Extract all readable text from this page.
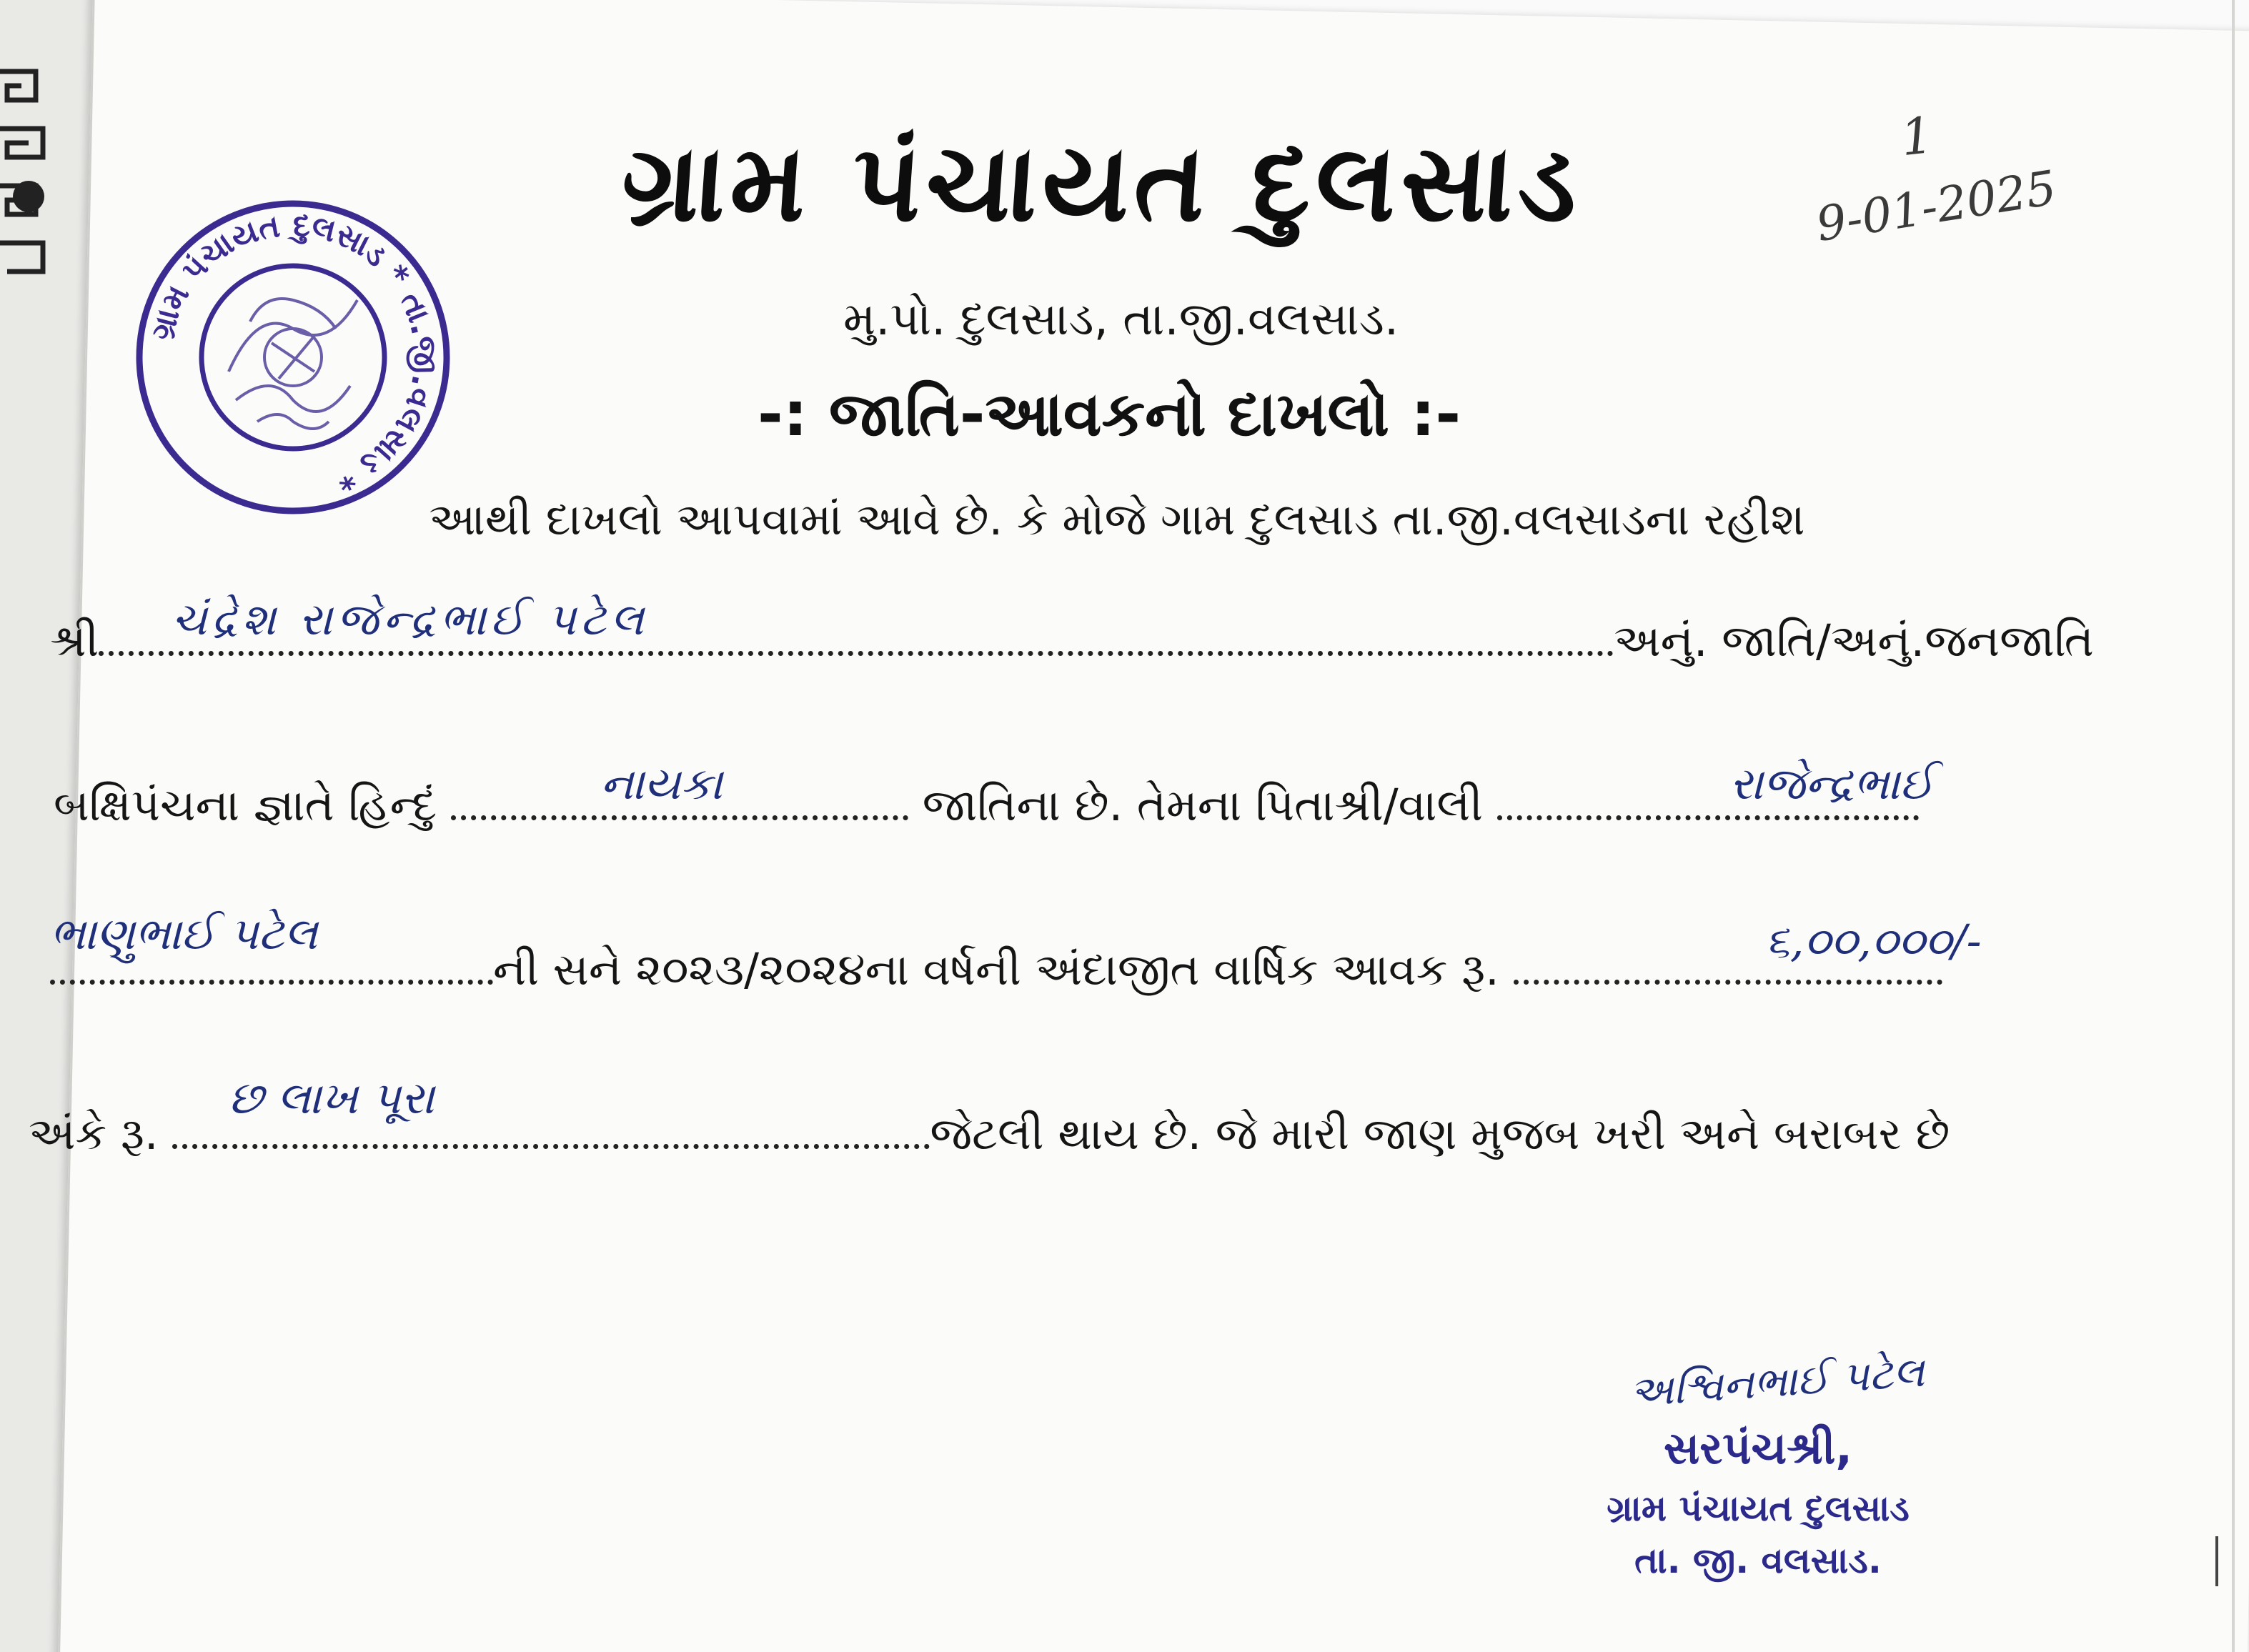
ગ્રામ પંચાયત દુલસાડ * તા.જી.વલસાડ *
ગ્રામ પંચાયત દુલસાડ
મુ.પો. દુલસાડ, તા.જી.વલસાડ.
-: જાતિ-આવકનો દાખલો :-
1
9-01-2025
આથી દાખલો આપવામાં આવે છે. કે મોજે ગામ દુલસાડ તા.જી.વલસાડના રહીશ
શ્રી	અનું. જાતિ/અનું.જનજાતિ
ચંદ્રેશ રાજેન્દ્રભાઈ પટેલ
બક્ષિપંચના જ્ઞાતે હિન્દું	જાતિના છે. તેમના પિતાશ્રી/વાલી
નાયકા	રાજેન્દ્રભાઈ
ની સને ૨૦૨૩/૨૦૨૪ના વર્ષની અંદાજીત વાર્ષિક આવક રૂ.
ભાણુભાઈ પટેલ	૬,૦૦,૦૦૦/-
અંકે રૂ.	જેટલી થાય છે. જે મારી જાણ મુજબ ખરી અને બરાબર છે
છ લાખ પૂરા
અશ્વિનભાઈ પટેલ
સરપંચશ્રી,
ગ્રામ પંચાયત દુલસાડ
તા. જી. વલસાડ.
